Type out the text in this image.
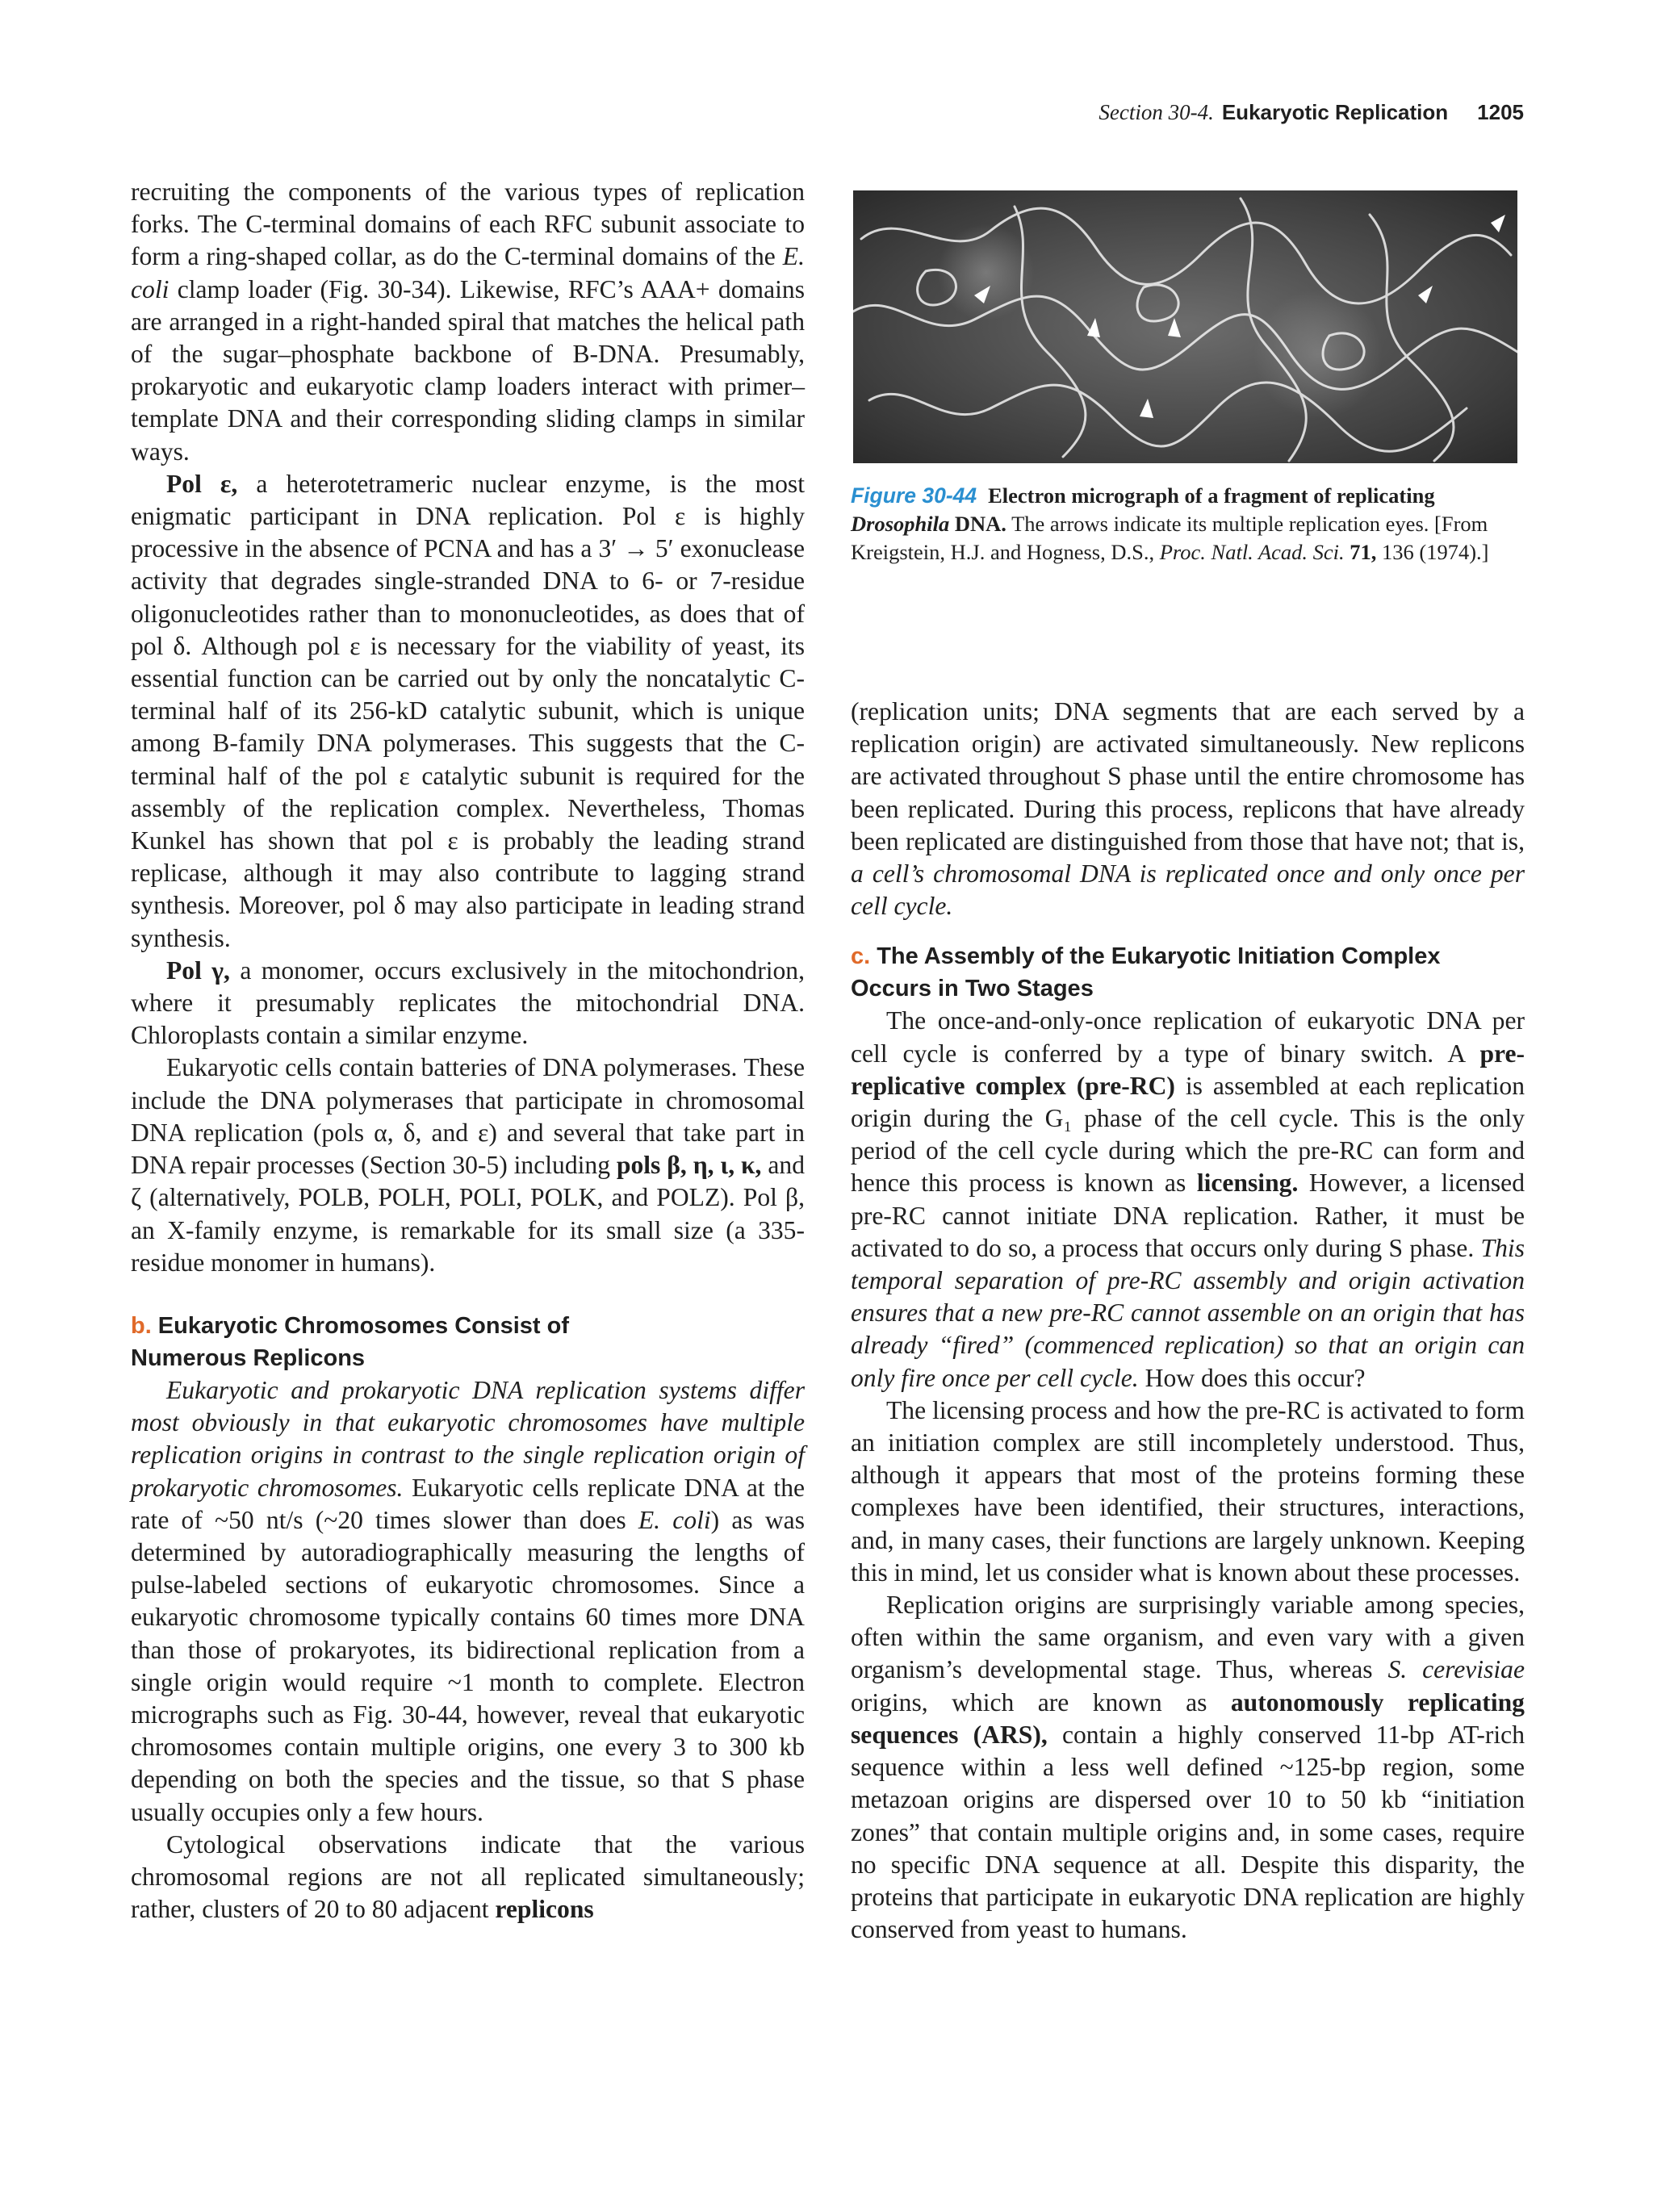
Section 30-4. Eukaryotic Replication 1205

recruiting the components of the various types of replication forks. The C-terminal domains of each RFC subunit associate to form a ring-shaped collar, as do the C-terminal domains of the E. coli clamp loader (Fig. 30-34). Likewise, RFC’s AAA+ domains are arranged in a right-handed spiral that matches the helical path of the sugar–phosphate backbone of B-DNA. Presumably, prokaryotic and eukaryotic clamp loaders interact with primer–template DNA and their corresponding sliding clamps in similar ways.

Pol ε, a heterotetrameric nuclear enzyme, is the most enigmatic participant in DNA replication. Pol ε is highly processive in the absence of PCNA and has a 3′ → 5′ exonuclease activity that degrades single-stranded DNA to 6- or 7-residue oligonucleotides rather than to mononucleotides, as does that of pol δ. Although pol ε is necessary for the viability of yeast, its essential function can be carried out by only the noncatalytic C-terminal half of its 256-kD catalytic subunit, which is unique among B-family DNA polymerases. This suggests that the C-terminal half of the pol ε catalytic subunit is required for the assembly of the replication complex. Nevertheless, Thomas Kunkel has shown that pol ε is probably the leading strand replicase, although it may also contribute to lagging strand synthesis. Moreover, pol δ may also participate in leading strand synthesis.

Pol γ, a monomer, occurs exclusively in the mitochondrion, where it presumably replicates the mitochondrial DNA. Chloroplasts contain a similar enzyme.

Eukaryotic cells contain batteries of DNA polymerases. These include the DNA polymerases that participate in chromosomal DNA replication (pols α, δ, and ε) and several that take part in DNA repair processes (Section 30-5) including pols β, η, ι, κ, and ζ (alternatively, POLB, POLH, POLI, POLK, and POLZ). Pol β, an X-family enzyme, is remarkable for its small size (a 335-residue monomer in humans).

b. Eukaryotic Chromosomes Consist of
Numerous Replicons

Eukaryotic and prokaryotic DNA replication systems differ most obviously in that eukaryotic chromosomes have multiple replication origins in contrast to the single replication origin of prokaryotic chromosomes. Eukaryotic cells replicate DNA at the rate of ~50 nt/s (~20 times slower than does E. coli) as was determined by autoradiographically measuring the lengths of pulse-labeled sections of eukaryotic chromosomes. Since a eukaryotic chromosome typically contains 60 times more DNA than those of prokaryotes, its bidirectional replication from a single origin would require ~1 month to complete. Electron micrographs such as Fig. 30-44, however, reveal that eukaryotic chromosomes contain multiple origins, one every 3 to 300 kb depending on both the species and the tissue, so that S phase usually occupies only a few hours.

Cytological observations indicate that the various chromosomal regions are not all replicated simultaneously; rather, clusters of 20 to 80 adjacent replicons

Figure 30-44 Electron micrograph of a fragment of replicating Drosophila DNA. The arrows indicate its multiple replication eyes. [From Kreigstein, H.J. and Hogness, D.S., Proc. Natl. Acad. Sci. 71, 136 (1974).]

(replication units; DNA segments that are each served by a replication origin) are activated simultaneously. New replicons are activated throughout S phase until the entire chromosome has been replicated. During this process, replicons that have already been replicated are distinguished from those that have not; that is, a cell’s chromosomal DNA is replicated once and only once per cell cycle.

c. The Assembly of the Eukaryotic Initiation Complex
Occurs in Two Stages

The once-and-only-once replication of eukaryotic DNA per cell cycle is conferred by a type of binary switch. A pre-replicative complex (pre-RC) is assembled at each replication origin during the G₁ phase of the cell cycle. This is the only period of the cell cycle during which the pre-RC can form and hence this process is known as licensing. However, a licensed pre-RC cannot initiate DNA replication. Rather, it must be activated to do so, a process that occurs only during S phase. This temporal separation of pre-RC assembly and origin activation ensures that a new pre-RC cannot assemble on an origin that has already “fired” (commenced replication) so that an origin can only fire once per cell cycle. How does this occur?

The licensing process and how the pre-RC is activated to form an initiation complex are still incompletely understood. Thus, although it appears that most of the proteins forming these complexes have been identified, their structures, interactions, and, in many cases, their functions are largely unknown. Keeping this in mind, let us consider what is known about these processes.

Replication origins are surprisingly variable among species, often within the same organism, and even vary with a given organism’s developmental stage. Thus, whereas S. cerevisiae origins, which are known as autonomously replicating sequences (ARS), contain a highly conserved 11-bp AT-rich sequence within a less well defined ~125-bp region, some metazoan origins are dispersed over 10 to 50 kb “initiation zones” that contain multiple origins and, in some cases, require no specific DNA sequence at all. Despite this disparity, the proteins that participate in eukaryotic DNA replication are highly conserved from yeast to humans.
